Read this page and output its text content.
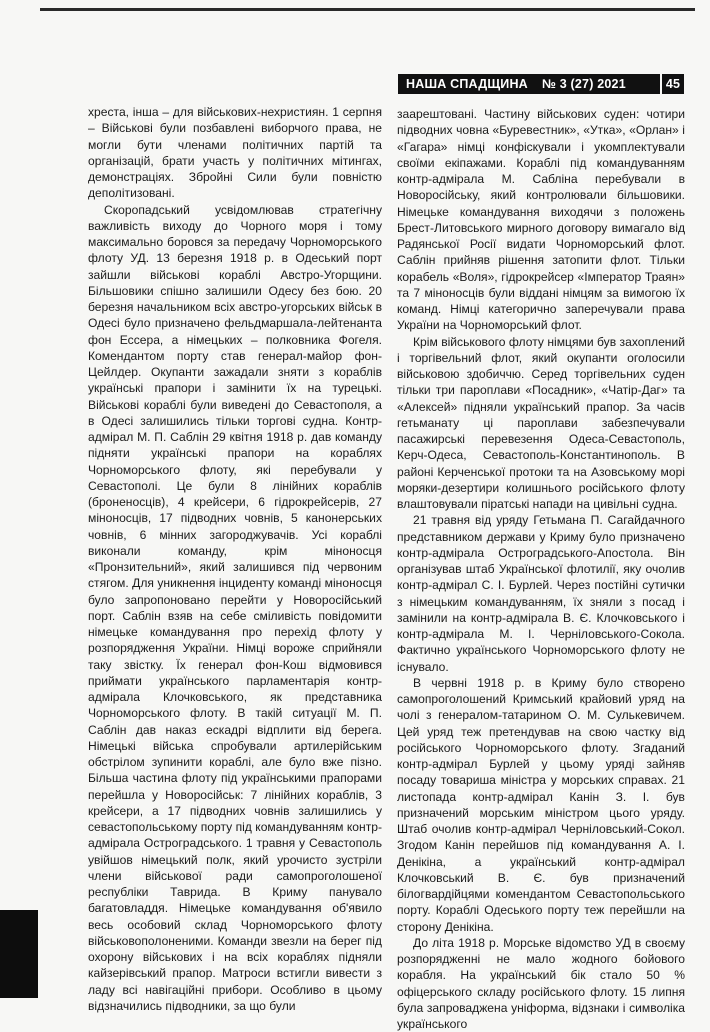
НАША СПАДЩИНА № 3 (27) 2021	45

хреста, інша – для військових-нехристиян. 1 серпня – Військові були позбавлені виборчого права, не могли бути членами політичних партій та організацій, брати участь у політичних мітингах, демонстраціях. Збройні Сили були повністю деполітизовані.

Скоропадський усвідомлював стратегічну важливість виходу до Чорного моря і тому максимально боровся за передачу Чорноморського флоту УД. 13 березня 1918 р. в Одеський порт зайшли військові кораблі Австро-Угорщини. Більшовики спішно залишили Одесу без бою. 20 березня начальником всіх австро-угорських військ в Одесі було призначено фельдмаршала-лейтенанта фон Ессера, а німецьких – полковника Фогеля. Комендантом порту став генерал-майор фон-Цейлдер. Окупанти зажадали зняти з кораблів українські прапори і замінити їх на турецькі. Військові кораблі були виведені до Севастополя, а в Одесі залишились тільки торгові судна. Контр-адмірал М. П. Саблін 29 квітня 1918 р. дав команду підняти українські прапори на кораблях Чорноморського флоту, які перебували у Севастополі. Це були 8 лінійних кораблів (броненосців), 4 крейсери, 6 гідрокрейсерів, 27 міноносців, 17 підводних човнів, 5 канонерських човнів, 6 мінних загороджувачів. Усі кораблі виконали команду, крім міноносця «Пронзительний», який залишився під червоним стягом. Для уникнення інциденту команді міноносця було запропоновано перейти у Новоросійський порт. Саблін взяв на себе сміливість повідомити німецьке командування про перехід флоту у розпорядження України. Німці вороже сприйняли таку звістку. Їх генерал фон-Кош відмовився приймати українського парламентарія контр-адмірала Клочковського, як представника Чорноморського флоту. В такій ситуації М. П. Саблін дав наказ ескадрі відплити від берега. Німецькі війська спробували артилерійським обстрілом зупинити кораблі, але було вже пізно. Більша частина флоту під українськими прапорами перейшла у Новоросійськ: 7 лінійних кораблів, 3 крейсери, а 17 підводних човнів залишились у севастопольському порту під командуванням контр-адмірала Остроградського. 1 травня у Севастополь увійшов німецький полк, який урочисто зустріли члени військової ради самопроголошеної республіки Таврида. В Криму панувало багатовладдя. Німецьке командування об'явило весь особовий склад Чорноморського флоту військовополоненими. Команди звезли на берег під охорону військових і на всіх кораблях підняли кайзерівський прапор. Матроси встигли вивести з ладу всі навігаційні прибори. Особливо в цьому відзначились підводники, за що були

заарештовані. Частину військових суден: чотири підводних човна «Буревестник», «Утка», «Орлан» і «Гагара» німці конфіскували і укомплектували своїми екіпажами. Кораблі під командуванням контр-адмірала М. Сабліна перебували в Новоросійську, який контролювали більшовики. Німецьке командування виходячи з положень Брест-Литовського мирного договору вимагало від Радянської Росії видати Чорноморський флот. Саблін прийняв рішення затопити флот. Тільки корабель «Воля», гідрокрейсер «Імператор Траян» та 7 міноносців були віддані німцям за вимогою їх команд. Німці категорично заперечували права України на Чорноморський флот.

Крім військового флоту німцями був захоплений і торгівельний флот, який окупанти оголосили військовою здобиччю. Серед торгівельних суден тільки три пароплави «Посадник», «Чатір-Даг» та «Алексей» підняли український прапор. За часів гетьманату ці пароплави забезпечували пасажирські перевезення Одеса-Севастополь, Керч-Одеса, Севастополь-Константинополь. В районі Керченської протоки та на Азовському морі моряки-дезертири колишнього російського флоту влаштовували піратські напади на цивільні судна.

21 травня від уряду Гетьмана П. Сагайдачного представником держави у Криму було призначено контр-адмірала Остроградського-Апостола. Він організував штаб Української флотилії, яку очолив контр-адмірал С. І. Бурлей. Через постійні сутички з німецьким командуванням, їх зняли з посад і замінили на контр-адмірала В. Є. Клочковського і контр-адмірала М. І. Черніловського-Сокола. Фактично українського Чорноморського флоту не існувало.

В червні 1918 р. в Криму було створено самопроголошений Кримський крайовий уряд на чолі з генералом-татарином О. М. Сулькевичем. Цей уряд теж претендував на свою частку від російського Чорноморського флоту. Згаданий контр-адмірал Бурлей у цьому уряді зайняв посаду товариша міністра у морських справах. 21 листопада контр-адмірал Канін З. І. був призначений морським міністром цього уряду. Штаб очолив контр-адмірал Черніловський-Сокол. Згодом Канін перейшов під командування А. І. Денікіна, а український контр-адмірал Клочковський В. Є. був призначений білогвардійцями комендантом Севастопольського порту. Кораблі Одеського порту теж перейшли на сторону Денікіна.

До літа 1918 р. Морське відомство УД в своєму розпорядженні не мало жодного бойового корабля. На український бік стало 50 % офіцерського складу російського флоту. 15 липня була запроваджена уніформа, відзнаки і символіка українського
